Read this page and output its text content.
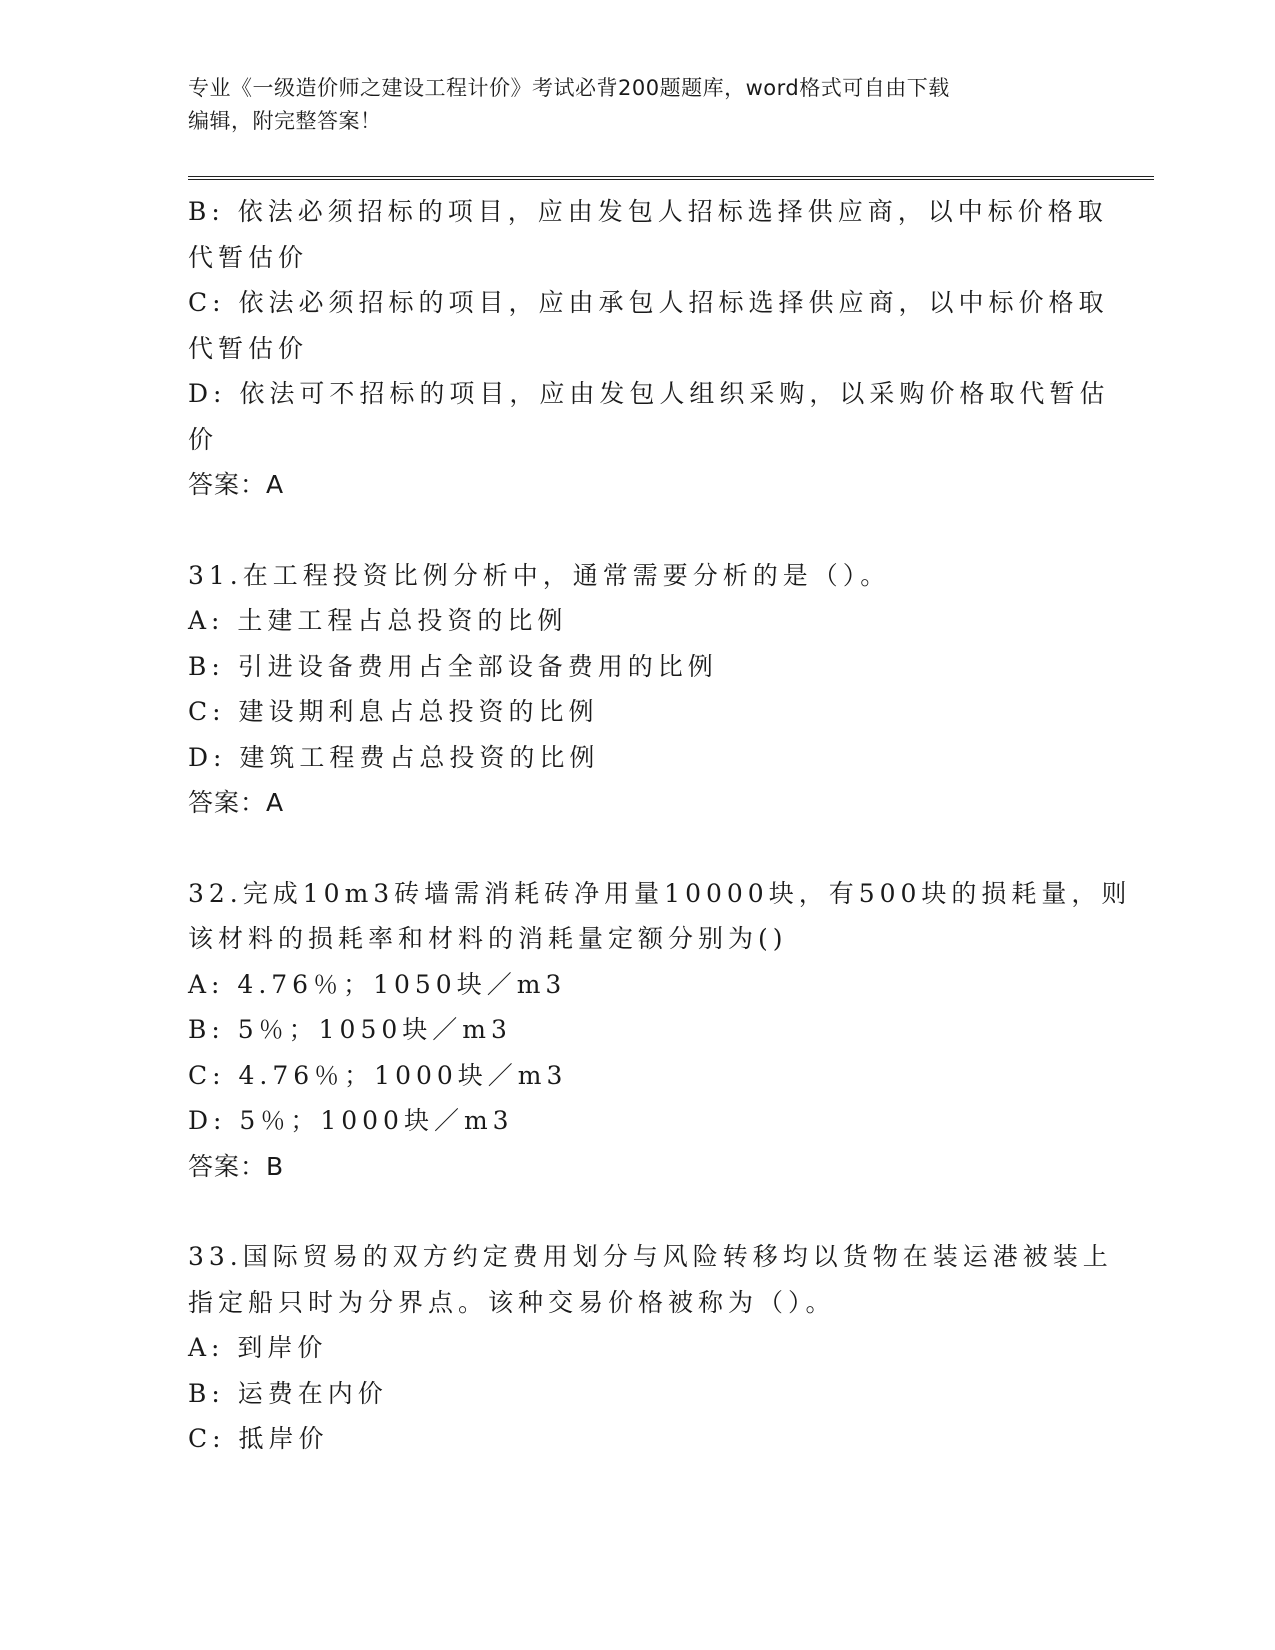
专业《一级造价师之建设工程计价》考试必背200题题库，word格式可自由下载
编辑，附完整答案！
B: 依法必须招标的项目，应由发包人招标选择供应商，以中标价格取
代暂估价
C: 依法必须招标的项目，应由承包人招标选择供应商，以中标价格取
代暂估价
D: 依法可不招标的项目，应由发包人组织采购，以采购价格取代暂估
价
答案：A
31.在工程投资比例分析中，通常需要分析的是（）。
A: 土建工程占总投资的比例
B: 引进设备费用占全部设备费用的比例
C: 建设期利息占总投资的比例
D: 建筑工程费占总投资的比例
答案：A
32.完成10m3砖墙需消耗砖净用量10000块，有500块的损耗量，则
该材料的损耗率和材料的消耗量定额分别为()
A: 4.76％；1050块／m3
B: 5％；1050块／m3
C: 4.76％；1000块／m3
D: 5％；1000块／m3
答案：B
33.国际贸易的双方约定费用划分与风险转移均以货物在装运港被装上
指定船只时为分界点。该种交易价格被称为（）。
A: 到岸价
B: 运费在内价
C: 抵岸价
